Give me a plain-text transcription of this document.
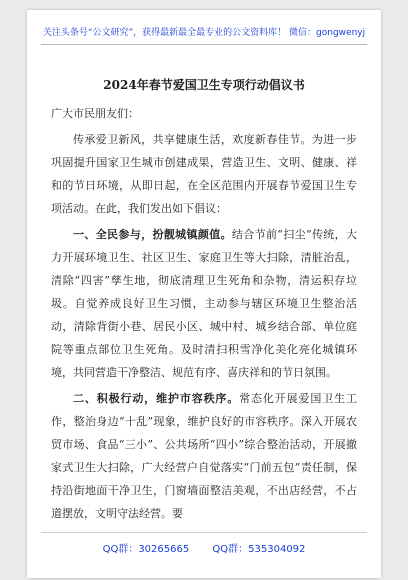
关注头条号“公文研究”，获得最新最全最专业的公文资料库！ 微信：gongwenyj
2024年春节爱国卫生专项行动倡议书

广大市民朋友们：

传承爱卫新风，共享健康生活，欢度新春佳节。为进一步巩固提升国家卫生城市创建成果，营造卫生、文明、健康、祥和的节日环境，从即日起，在全区范围内开展春节爱国卫生专项活动。在此，我们发出如下倡议：

一、全民参与，扮靓城镇颜值。结合节前“扫尘”传统，大力开展环境卫生、社区卫生、家庭卫生等大扫除，清脏治乱，清除“四害”孳生地，彻底清理卫生死角和杂物，清运积存垃圾。自觉养成良好卫生习惯，主动参与辖区环境卫生整治活动，清除背街小巷、居民小区、城中村、城乡结合部、单位庭院等重点部位卫生死角。及时清扫积雪净化美化亮化城镇环境，共同营造干净整洁、规范有序、喜庆祥和的节日氛围。

二、积极行动，维护市容秩序。常态化开展爱国卫生工作，整治身边“十乱”现象，维护良好的市容秩序。深入开展农贸市场、食品“三小”、公共场所“四小”综合整治活动，开展撤家式卫生大扫除，广大经营户自觉落实“门前五包”责任制，保持沿街地面干净卫生，门窗墙面整洁美观，不出店经营，不占道摆放，文明守法经营。要

QQ群：30265665 QQ群：535304092
